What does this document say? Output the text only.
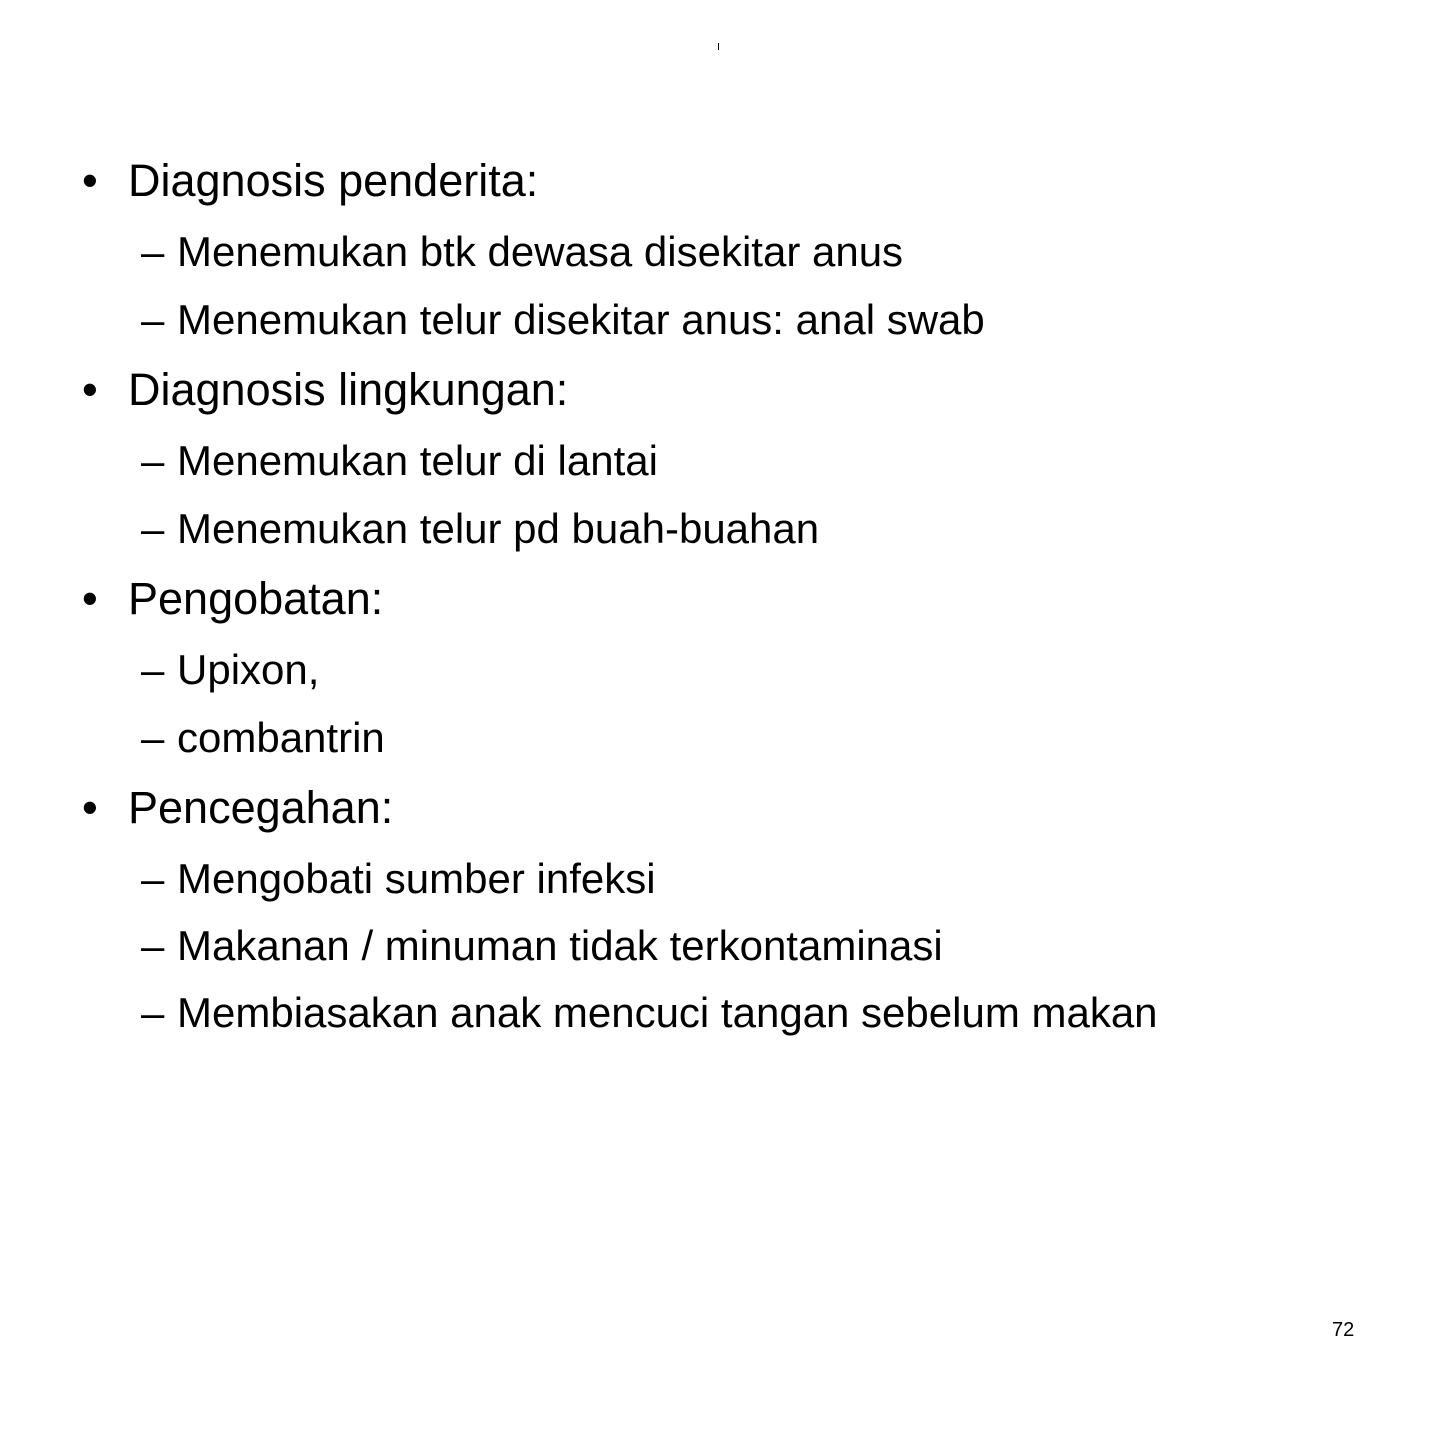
• Diagnosis penderita:
– Menemukan btk dewasa disekitar anus
– Menemukan telur disekitar anus: anal swab
• Diagnosis lingkungan:
– Menemukan telur di lantai
– Menemukan telur pd buah-buahan
• Pengobatan:
– Upixon,
– combantrin
• Pencegahan:
– Mengobati sumber infeksi
– Makanan / minuman tidak terkontaminasi
– Membiasakan anak mencuci tangan sebelum makan
72
